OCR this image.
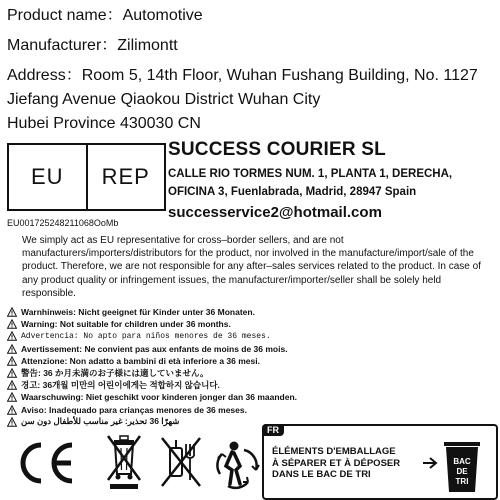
Product name：Automotive
Manufacturer：Zilimontt
Address：Room 5, 14th Floor, Wuhan Fushang Building, No. 1127
Jiefang Avenue Qiaokou District Wuhan City
Hubei Province 430030 CN
EU	REP
SUCCESS COURIER SL
CALLE RIO TORMES NUM. 1, PLANTA 1, DERECHA,
OFICINA 3, Fuenlabrada, Madrid, 28947 Spain
successervice2@hotmail.com
EU001725248211068OoMb
We simply act as EU representative for cross–border sellers, and are not manufacturers/importers/distributors for the product, nor involved in the manufacture/import/sale of the product. Therefore, we are not responsible for any after–sales services related to the product. In case of any product quality or infringement issues, the manufacturer/importer/seller shall be solely held responsible.
Warnhinweis: Nicht geeignet für Kinder unter 36 Monaten.
Warning: Not suitable for children under 36 months.
Advertencia: No apto para niños menores de 36 meses.
Avertissement: Ne convient pas aux enfants de moins de 36 mois.
Attenzione: Non adatto a bambini di età inferiore a 36 mesi.
警告: 36 か月未満のお子様には適していません。
경고: 36개월 미만의 어린이에게는 적합하지 않습니다.
Waarschuwing: Niet geschikt voor kinderen jonger dan 36 maanden.
Aviso: Inadequado para crianças menores de 36 meses.
شهرًا 36 تحذير: غير مناسب للأطفال دون سن
FR
ÉLÉMENTS D'EMBALLAGE
À SÉPARER ET À DÉPOSER
DANS LE BAC DE TRI
BAC
DE
TRI
